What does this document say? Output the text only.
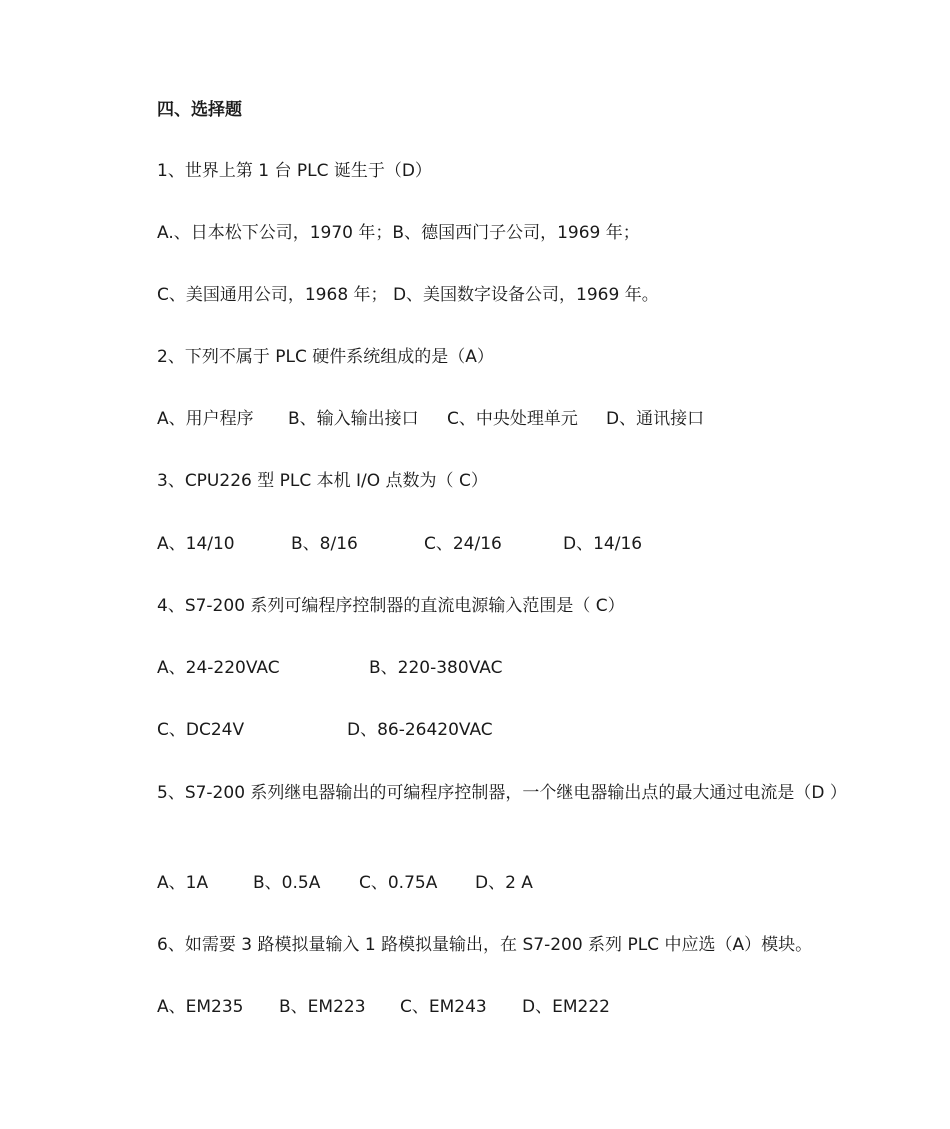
四、选择题
1、世界上第 1 台 PLC 诞生于（D）
A.、日本松下公司，1970 年；B、德国西门子公司，1969 年；
C、美国通用公司，1968 年； D、美国数字设备公司，1969 年。
2、下列不属于 PLC 硬件系统组成的是（A）
A、用户程序 B、输入输出接口 C、中央处理单元 D、通讯接口
3、CPU226 型 PLC 本机 I/O 点数为（ C）
A、14/10	B、8/16	C、24/16	D、14/16
4、S7-200 系列可编程序控制器的直流电源输入范围是（ C）
A、24-220VAC	B、220-380VAC
C、DC24V	D、86-26420VAC
5、S7-200 系列继电器输出的可编程序控制器，一个继电器输出点的最大通过电流是（D ）
A、1A	B、0.5A C、0.75A D、2 A
6、如需要 3 路模拟量输入 1 路模拟量输出，在 S7-200 系列 PLC 中应选（A）模块。
A、EM235 B、EM223 C、EM243 D、EM222
